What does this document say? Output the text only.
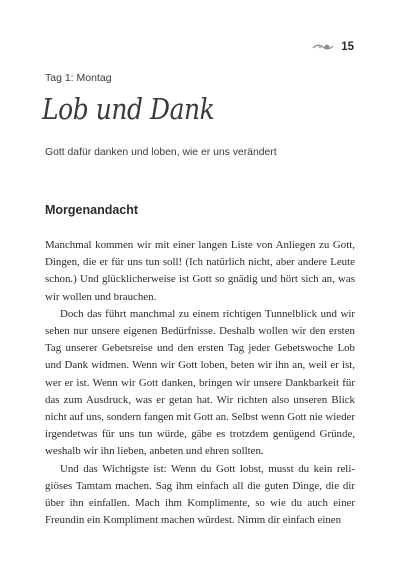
15
Tag 1: Montag
Lob und Dank
Gott dafür danken und loben, wie er uns verändert
Morgenandacht

Manchmal kommen wir mit einer langen Liste von Anliegen zu Gott, Dingen, die er für uns tun soll! (Ich natürlich nicht, aber andere Leute schon.) Und glücklicherweise ist Gott so gnädig und hört sich an, was wir wollen und brauchen.

Doch das führt manchmal zu einem richtigen Tunnelblick und wir sehen nur unsere eigenen Bedürfnisse. Deshalb wollen wir den ersten Tag unserer Gebetsreise und den ersten Tag jeder Gebetswoche Lob und Dank widmen. Wenn wir Gott loben, beten wir ihn an, weil er ist, wer er ist. Wenn wir Gott danken, bringen wir unsere Dankbarkeit für das zum Ausdruck, was er getan hat. Wir richten also unseren Blick nicht auf uns, sondern fangen mit Gott an. Selbst wenn Gott nie wieder irgendetwas für uns tun würde, gäbe es trotzdem genügend Gründe, weshalb wir ihn lieben, anbeten und ehren sollten.

Und das Wichtigste ist: Wenn du Gott lobst, musst du kein religiöses Tamtam machen. Sag ihm einfach all die guten Dinge, die dir über ihn einfallen. Mach ihm Komplimente, so wie du auch einer Freundin ein Kompliment machen würdest. Nimm dir einfach einen
